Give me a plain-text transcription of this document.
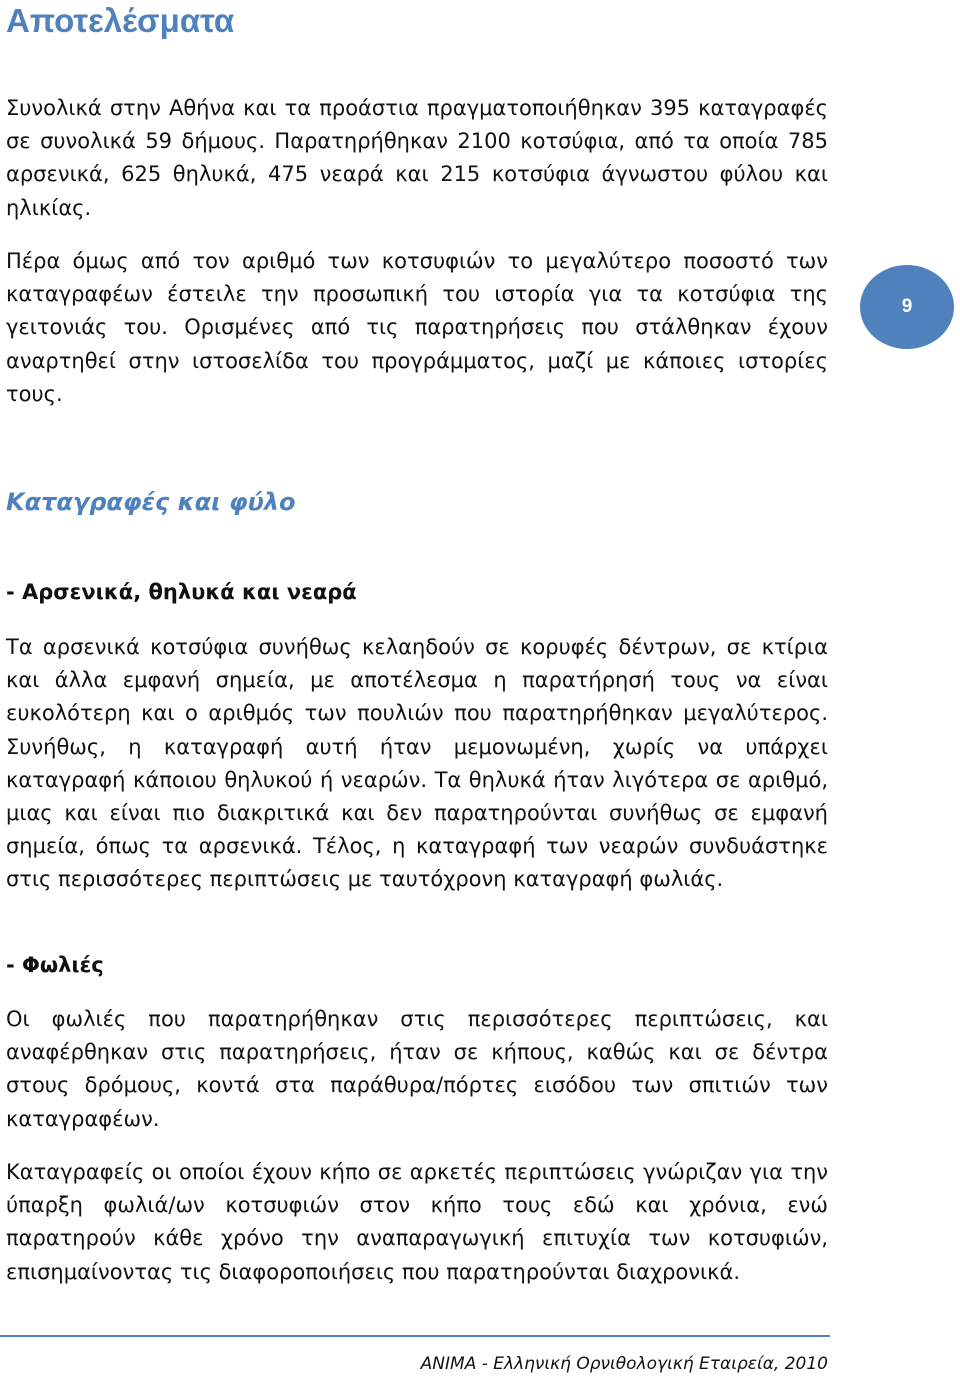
Αποτελέσματα

Συνολικά στην Αθήνα και τα προάστια πραγματοποιήθηκαν 395 καταγραφές σε συνολικά 59 δήμους. Παρατηρήθηκαν 2100 κοτσύφια, από τα οποία 785 αρσενικά, 625 θηλυκά, 475 νεαρά και 215 κοτσύφια άγνωστου φύλου και ηλικίας.

Πέρα όμως από τον αριθμό των κοτσυφιών το μεγαλύτερο ποσοστό των καταγραφέων έστειλε την προσωπική του ιστορία για τα κοτσύφια της γειτονιάς του. Ορισμένες από τις παρατηρήσεις που στάλθηκαν έχουν αναρτηθεί στην ιστοσελίδα του προγράμματος, μαζί με κάποιες ιστορίες τους.

9
Καταγραφές και φύλο
- Αρσενικά, θηλυκά και νεαρά

Τα αρσενικά κοτσύφια συνήθως κελαηδούν σε κορυφές δέντρων, σε κτίρια και άλλα εμφανή σημεία, με αποτέλεσμα η παρατήρησή τους να είναι ευκολότερη και ο αριθμός των πουλιών που παρατηρήθηκαν μεγαλύτερος. Συνήθως, η καταγραφή αυτή ήταν μεμονωμένη, χωρίς να υπάρχει καταγραφή κάποιου θηλυκού ή νεαρών. Τα θηλυκά ήταν λιγότερα σε αριθμό, μιας και είναι πιο διακριτικά και δεν παρατηρούνται συνήθως σε εμφανή σημεία, όπως τα αρσενικά. Τέλος, η καταγραφή των νεαρών συνδυάστηκε στις περισσότερες περιπτώσεις με ταυτόχρονη καταγραφή φωλιάς.

- Φωλιές

Οι φωλιές που παρατηρήθηκαν στις περισσότερες περιπτώσεις, και αναφέρθηκαν στις παρατηρήσεις, ήταν σε κήπους, καθώς και σε δέντρα στους δρόμους, κοντά στα παράθυρα/πόρτες εισόδου των σπιτιών των καταγραφέων.

Καταγραφείς οι οποίοι έχουν κήπο σε αρκετές περιπτώσεις γνώριζαν για την ύπαρξη φωλιά/ων κοτσυφιών στον κήπο τους εδώ και χρόνια, ενώ παρατηρούν κάθε χρόνο την αναπαραγωγική επιτυχία των κοτσυφιών, επισημαίνοντας τις διαφοροποιήσεις που παρατηρούνται διαχρονικά.

ANIMA - Ελληνική Ορνιθολογική Εταιρεία, 2010
